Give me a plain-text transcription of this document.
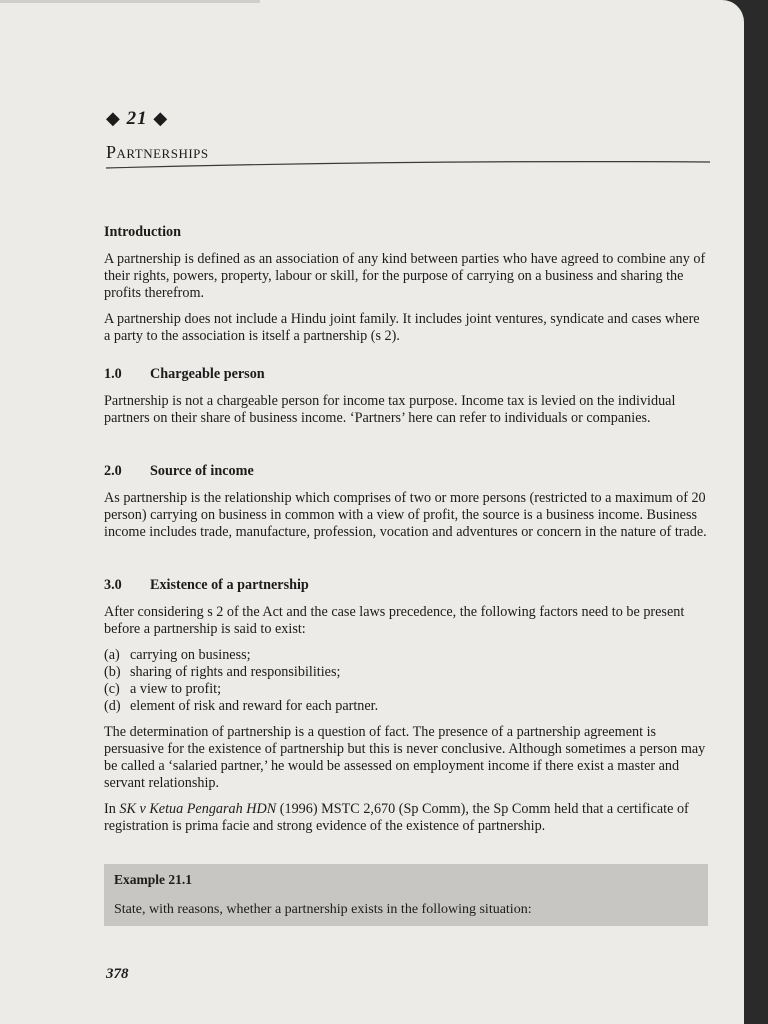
◆ 21 ◆
Partnerships
Introduction

A partnership is defined as an association of any kind between parties who have agreed to combine any of their rights, powers, property, labour or skill, for the purpose of carrying on a business and sharing the profits therefrom.

A partnership does not include a Hindu joint family. It includes joint ventures, syndicate and cases where a party to the association is itself a partnership (s 2).

1.0 Chargeable person

Partnership is not a chargeable person for income tax purpose. Income tax is levied on the individual partners on their share of business income. ‘Partners’ here can refer to individuals or companies.

2.0 Source of income

As partnership is the relationship which comprises of two or more persons (restricted to a maximum of 20 person) carrying on business in common with a view of profit, the source is a business income. Business income includes trade, manufacture, profession, vocation and adventures or concern in the nature of trade.

3.0 Existence of a partnership

After considering s 2 of the Act and the case laws precedence, the following factors need to be present before a partnership is said to exist:

(a) carrying on business;
(b) sharing of rights and responsibilities;
(c) a view to profit;
(d) element of risk and reward for each partner.

The determination of partnership is a question of fact. The presence of a partnership agreement is persuasive for the existence of partnership but this is never conclusive. Although sometimes a person may be called a ‘salaried partner,’ he would be assessed on employment income if there exist a master and servant relationship.

In SK v Ketua Pengarah HDN (1996) MSTC 2,670 (Sp Comm), the Sp Comm held that a certificate of registration is prima facie and strong evidence of the existence of partnership.

Example 21.1
State, with reasons, whether a partnership exists in the following situation:
378
